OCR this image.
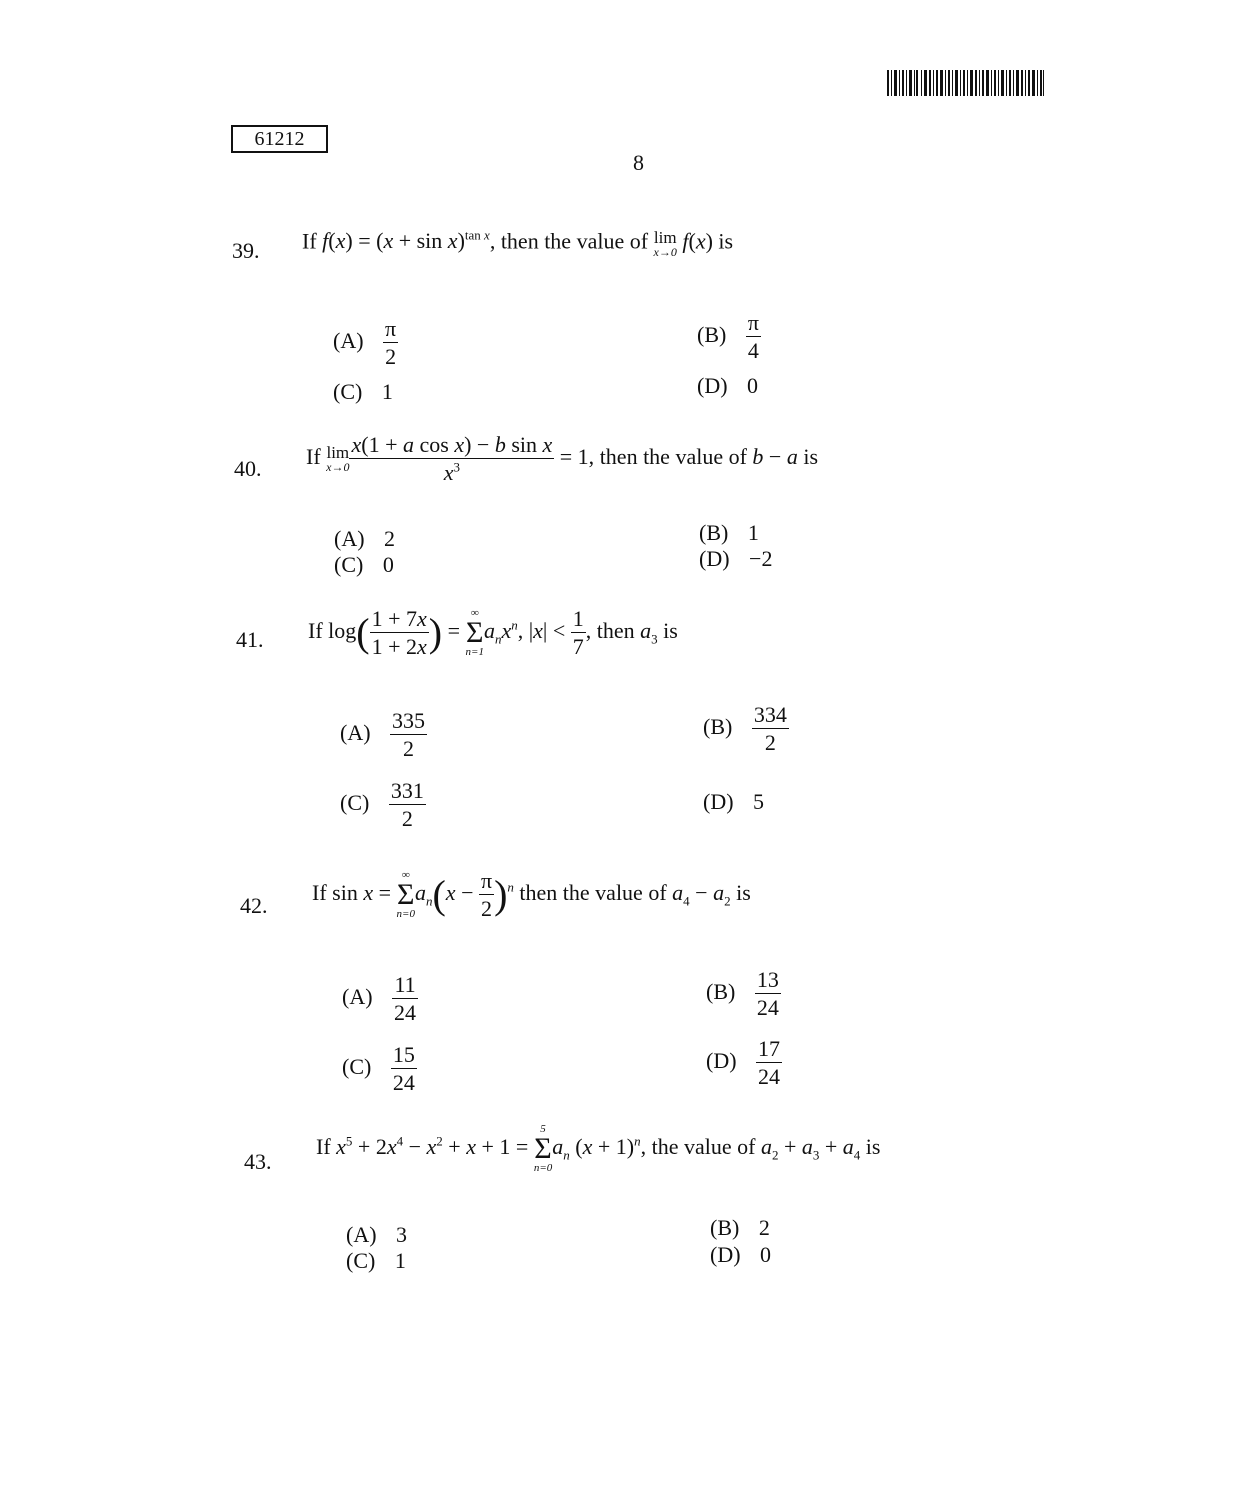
61212
8
39. If $f(x) = (x + \sin x)^{tan x}$, then the value of lim
x→0 f(x) is
$(A) \frac{\pi}{2}$	$(B) \frac{\pi}{4}$
(C) 1	(D) 0
40. If lim
$x\to 0 \frac{\text{x(1 + a cos x) − b sin x}}{x^3} = 1$, then the value of b − a is
(A) 2	(B) 1
(C) 0	(D) −2
41. If $\log( \frac{1 + 7x}{1 + 2x}$ ) =
∞
Σ
n=1
$a_nx^n$, $|x| < \frac{1}{7}$ , then $a_3$ is
$(A) \frac{335}{2}$	$(B) \frac{334}{2}$
$(C) \frac{331}{2}$	(D) 5
42.
If sin x =
∞
Σ
n=0
$a_n(x - \frac{\pi}{2} )^n$ then the value of $a_4 - a_2$ is
$(A) \frac{11}{24}$	$(B) \frac{13}{24}$
$(C) \frac{15}{24}$	$(D) \frac{17}{24}$
43.
If $x^5 + 2x^4 - x^2 + x + 1$ =
5
Σ
n=0
$a_n$ $(x + 1)^n$, the value of $a_2 + a_3 + a_4$ is
(A) 3	(B) 2
(C) 1	(D) 0
